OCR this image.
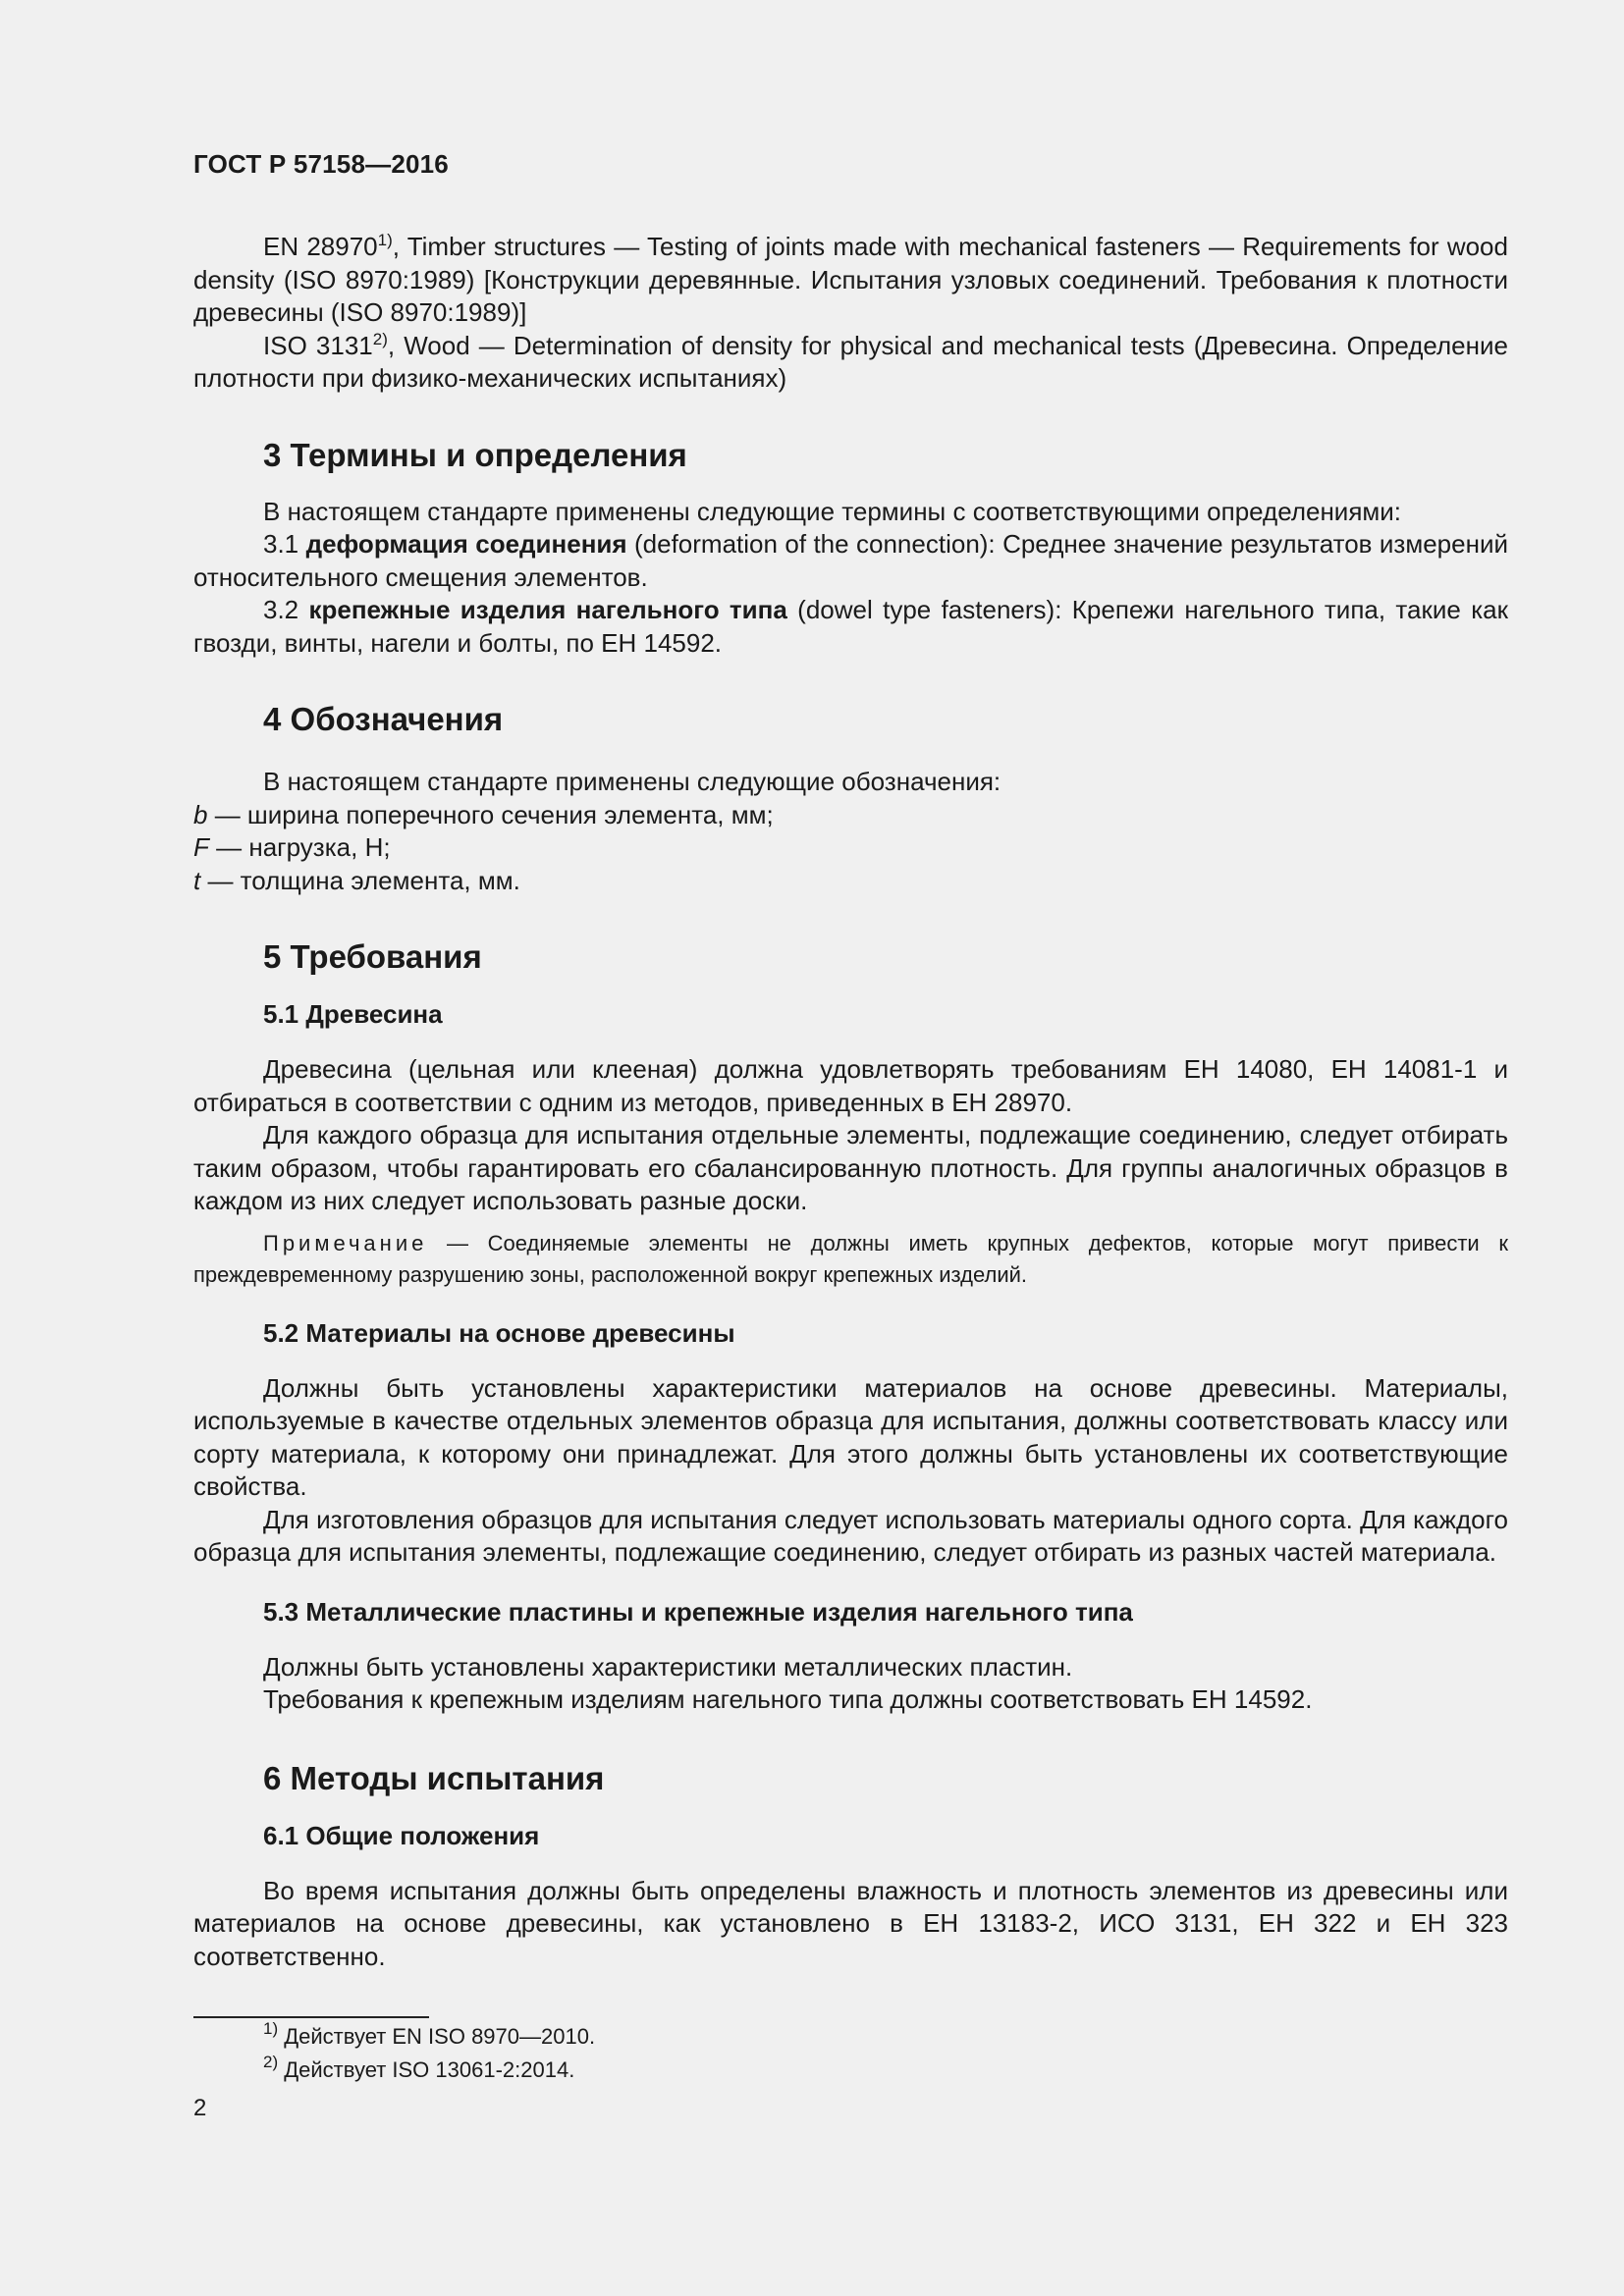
ГОСТ Р 57158—2016

EN 28970$^{1)}$, Timber structures — Testing of joints made with mechanical fasteners — Requirements for wood density (ISO 8970:1989) [Конструкции деревянные. Испытания узловых соединений. Требования к плотности древесины (ISO 8970:1989)]

ISO 3131$^{2)}$, Wood — Determination of density for physical and mechanical tests (Древесина. Определение плотности при физико-механических испытаниях)

3 Термины и определения

В настоящем стандарте применены следующие термины с соответствующими определениями:

3.1 деформация соединения (deformation of the connection): Среднее значение результатов измерений относительного смещения элементов.

3.2 крепежные изделия нагельного типа (dowel type fasteners): Крепежи нагельного типа, такие как гвозди, винты, нагели и болты, по ЕН 14592.

4 Обозначения

В настоящем стандарте применены следующие обозначения:

b — ширина поперечного сечения элемента, мм;

F — нагрузка, Н;

t — толщина элемента, мм.

5 Требования
5.1 Древесина

Древесина (цельная или клееная) должна удовлетворять требованиям ЕН 14080, ЕН 14081-1 и отбираться в соответствии с одним из методов, приведенных в ЕН 28970.

Для каждого образца для испытания отдельные элементы, подлежащие соединению, следует отбирать таким образом, чтобы гарантировать его сбалансированную плотность. Для группы аналогичных образцов в каждом из них следует использовать разные доски.

Примечание — Соединяемые элементы не должны иметь крупных дефектов, которые могут привести к преждевременному разрушению зоны, расположенной вокруг крепежных изделий.

5.2 Материалы на основе древесины

Должны быть установлены характеристики материалов на основе древесины. Материалы, используемые в качестве отдельных элементов образца для испытания, должны соответствовать классу или сорту материала, к которому они принадлежат. Для этого должны быть установлены их соответствующие свойства.

Для изготовления образцов для испытания следует использовать материалы одного сорта. Для каждого образца для испытания элементы, подлежащие соединению, следует отбирать из разных частей материала.

5.3 Металлические пластины и крепежные изделия нагельного типа

Должны быть установлены характеристики металлических пластин.

Требования к крепежным изделиям нагельного типа должны соответствовать ЕН 14592.

6 Методы испытания
6.1 Общие положения

Во время испытания должны быть определены влажность и плотность элементов из древесины или материалов на основе древесины, как установлено в ЕН 13183-2, ИСО 3131, ЕН 322 и ЕН 323 соответственно.

$^{1)}$ Действует EN ISO 8970—2010.
$^{2)}$ Действует ISO 13061-2:2014.
2
